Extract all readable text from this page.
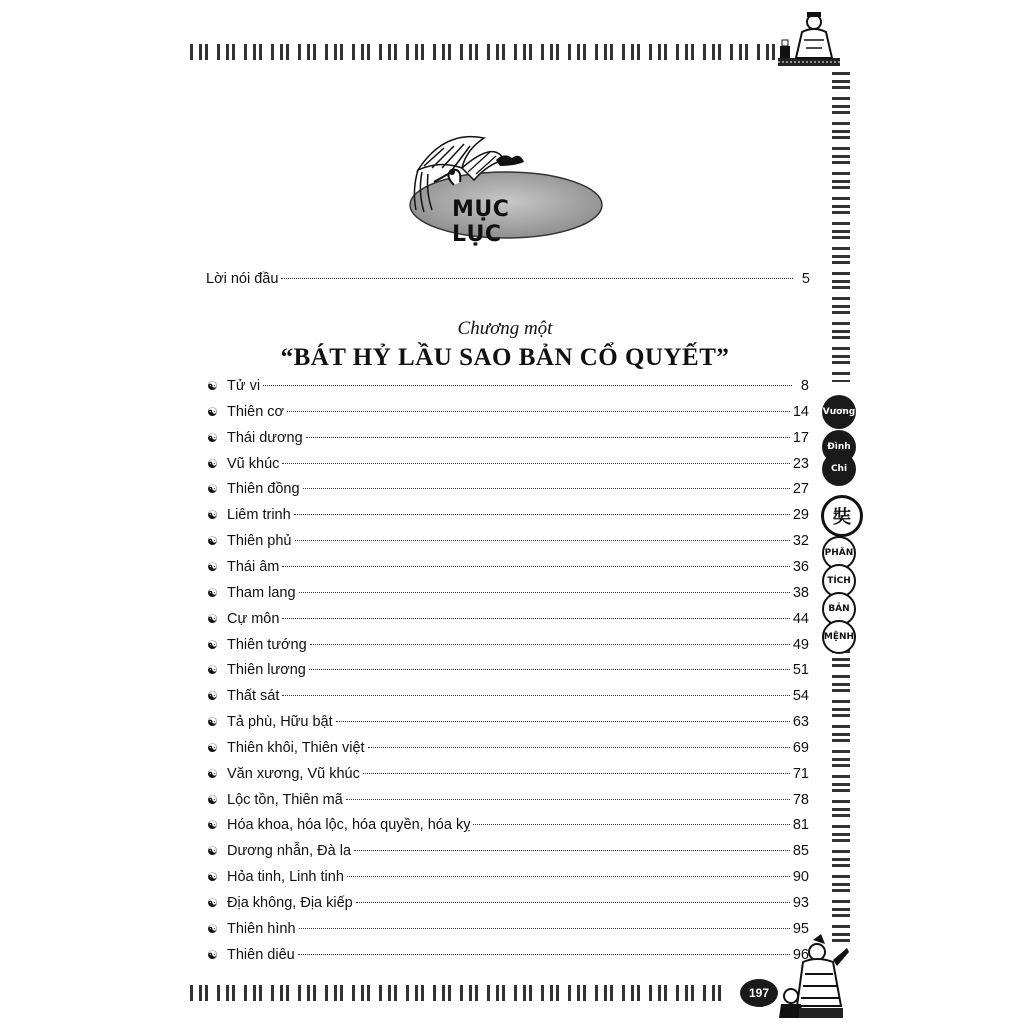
Vương
Đình
Chi
奘
PHÂN
TÍCH
BẢN
MỆNH
MỤC LỤC
Lời nói đầu	5
Chương một
“BÁT HỶ LẦU SAO BẢN CỔ QUYẾT”
☯ Tử vi	8
☯ Thiên cơ	14
☯ Thái dương	17
☯ Vũ khúc	23
☯ Thiên đồng	27
☯ Liêm trinh	29
☯ Thiên phủ	32
☯ Thái âm	36
☯ Tham lang	38
☯ Cự môn	44
☯ Thiên tướng	49
☯ Thiên lương	51
☯ Thất sát	54
☯ Tả phù, Hữu bật	63
☯ Thiên khôi, Thiên việt	69
☯ Văn xương, Vũ khúc	71
☯ Lộc tồn, Thiên mã	78
☯ Hóa khoa, hóa lộc, hóa quyền, hóa kỵ	81
☯ Dương nhẫn, Đà la	85
☯ Hỏa tinh, Linh tinh	90
☯ Địa không, Địa kiếp	93
☯ Thiên hình	95
☯ Thiên diêu	96
197
